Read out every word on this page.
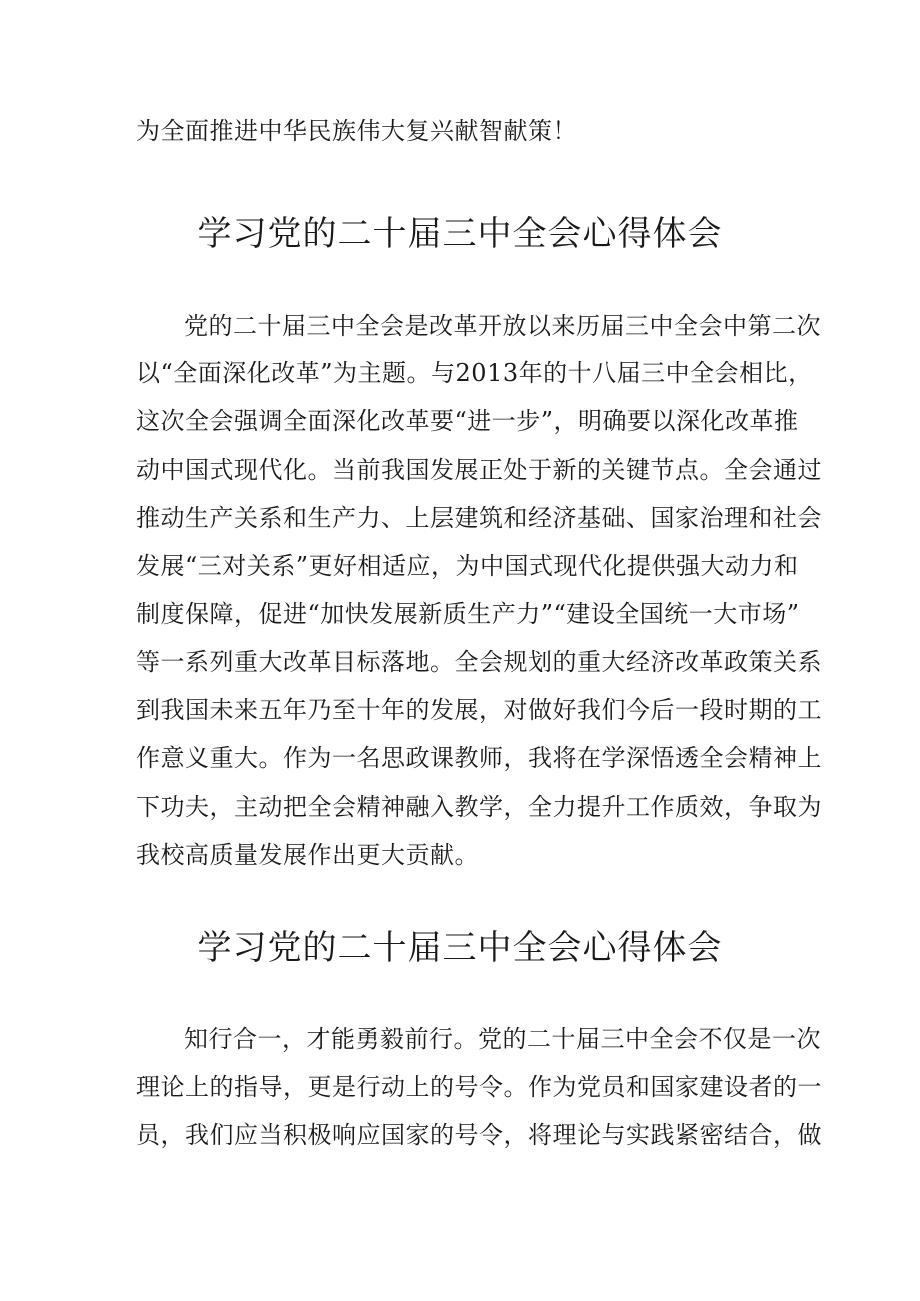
为全面推进中华民族伟大复兴献智献策！
学习党的二十届三中全会心得体会
党的二十届三中全会是改革开放以来历届三中全会中第二次
以“全面深化改革”为主题。与2013年的十八届三中全会相比，
这次全会强调全面深化改革要“进一步”，明确要以深化改革推
动中国式现代化。当前我国发展正处于新的关键节点。全会通过
推动生产关系和生产力、上层建筑和经济基础、国家治理和社会
发展“三对关系”更好相适应，为中国式现代化提供强大动力和
制度保障，促进“加快发展新质生产力”“建设全国统一大市场”
等一系列重大改革目标落地。全会规划的重大经济改革政策关系
到我国未来五年乃至十年的发展，对做好我们今后一段时期的工
作意义重大。作为一名思政课教师，我将在学深悟透全会精神上
下功夫，主动把全会精神融入教学，全力提升工作质效，争取为
我校高质量发展作出更大贡献。
学习党的二十届三中全会心得体会
知行合一，才能勇毅前行。党的二十届三中全会不仅是一次
理论上的指导，更是行动上的号令。作为党员和国家建设者的一
员，我们应当积极响应国家的号令，将理论与实践紧密结合，做
